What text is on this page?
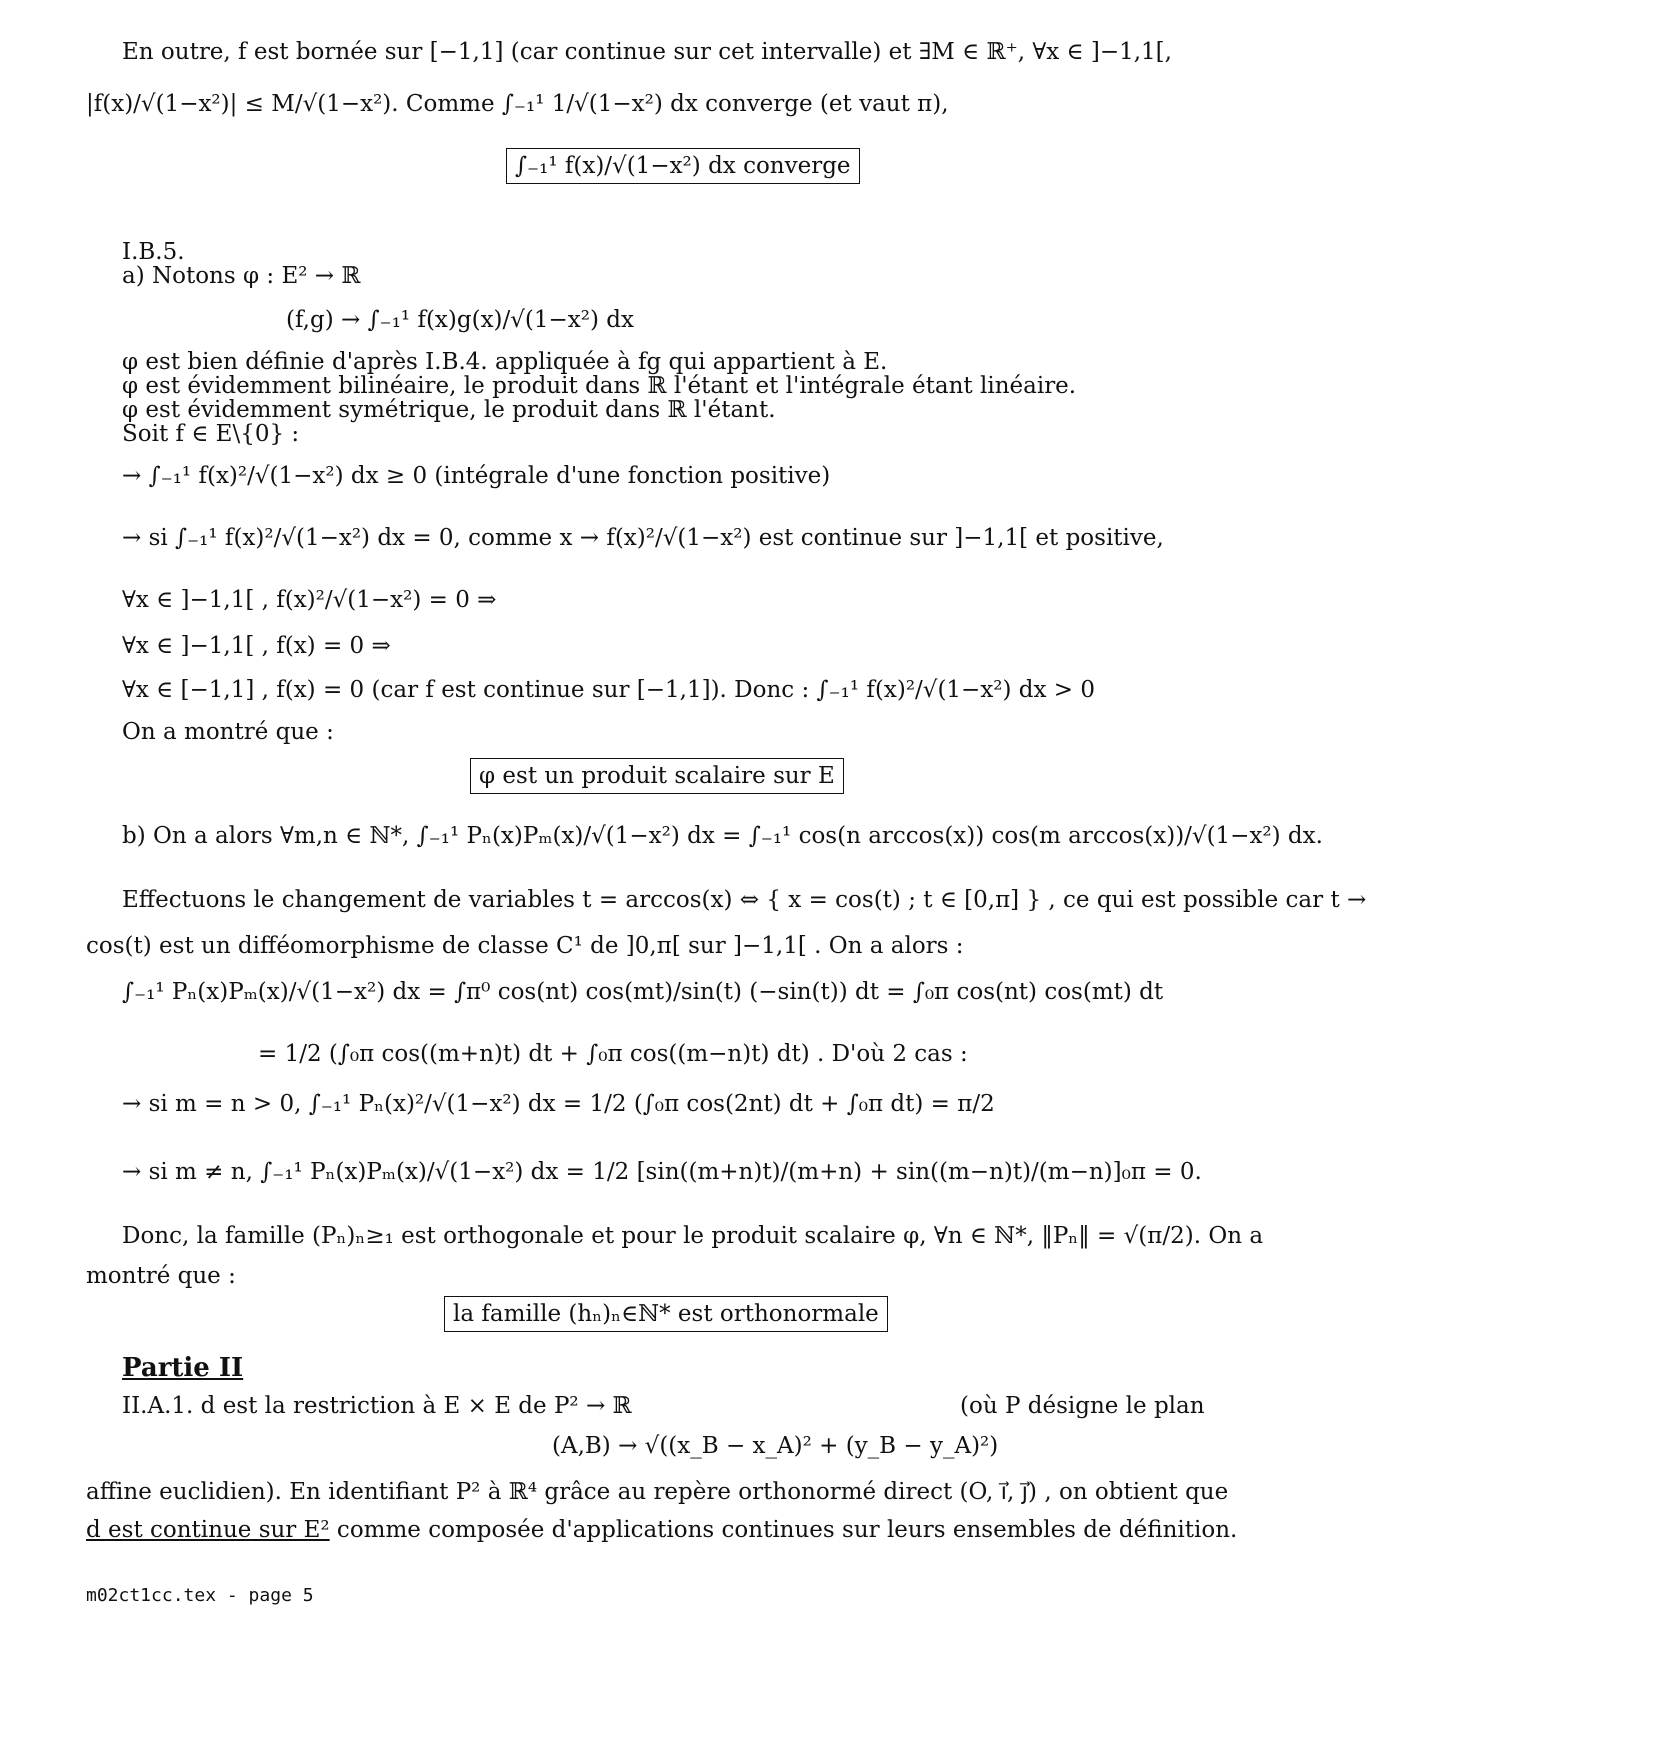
En outre, f est bornée sur [−1,1] (car continue sur cet intervalle) et ∃M ∈ ℝ⁺, ∀x ∈ ]−1,1[,
|f(x)/√(1−x²)| ≤ M/√(1−x²). Comme ∫₋₁¹ 1/√(1−x²) dx converge (et vaut π),
∫₋₁¹ f(x)/√(1−x²) dx converge
I.B.5.
a) Notons φ : E² → ℝ
(f,g) → ∫₋₁¹ f(x)g(x)/√(1−x²) dx
φ est bien définie d'après I.B.4. appliquée à fg qui appartient à E.
φ est évidemment bilinéaire, le produit dans ℝ l'étant et l'intégrale étant linéaire.
φ est évidemment symétrique, le produit dans ℝ l'étant.
Soit f ∈ E\{0} :
→ ∫₋₁¹ f(x)²/√(1−x²) dx ≥ 0 (intégrale d'une fonction positive)
→ si ∫₋₁¹ f(x)²/√(1−x²) dx = 0, comme x → f(x)²/√(1−x²) est continue sur ]−1,1[ et positive,
∀x ∈ ]−1,1[ , f(x)²/√(1−x²) = 0 ⇒
∀x ∈ ]−1,1[ , f(x) = 0 ⇒
∀x ∈ [−1,1] , f(x) = 0 (car f est continue sur [−1,1]). Donc : ∫₋₁¹ f(x)²/√(1−x²) dx > 0
On a montré que :
φ est un produit scalaire sur E
b) On a alors ∀m,n ∈ ℕ*, ∫₋₁¹ Pₙ(x)Pₘ(x)/√(1−x²) dx = ∫₋₁¹ cos(n arccos(x)) cos(m arccos(x))/√(1−x²) dx.
Effectuons le changement de variables t = arccos(x) ⇔ { x = cos(t) ; t ∈ [0,π] } , ce qui est possible car t →
cos(t) est un difféomorphisme de classe C¹ de ]0,π[ sur ]−1,1[ . On a alors :
∫₋₁¹ Pₙ(x)Pₘ(x)/√(1−x²) dx = ∫π⁰ cos(nt) cos(mt)/sin(t) (−sin(t)) dt = ∫₀π cos(nt) cos(mt) dt
= 1/2 (∫₀π cos((m+n)t) dt + ∫₀π cos((m−n)t) dt) . D'où 2 cas :
→ si m = n > 0, ∫₋₁¹ Pₙ(x)²/√(1−x²) dx = 1/2 (∫₀π cos(2nt) dt + ∫₀π dt) = π/2
→ si m ≠ n, ∫₋₁¹ Pₙ(x)Pₘ(x)/√(1−x²) dx = 1/2 [sin((m+n)t)/(m+n) + sin((m−n)t)/(m−n)]₀π = 0.
Donc, la famille (Pₙ)ₙ≥₁ est orthogonale et pour le produit scalaire φ, ∀n ∈ ℕ*, ‖Pₙ‖ = √(π/2). On a
montré que :
la famille (hₙ)ₙ∈ℕ* est orthonormale
Partie II
II.A.1. d est la restriction à E × E de P² → ℝ	(où P désigne le plan
(A,B) → √((x_B − x_A)² + (y_B − y_A)²)
affine euclidien). En identifiant P² à ℝ⁴ grâce au repère orthonormé direct (O, i⃗, j⃗) , on obtient que
d est continue sur E² comme composée d'applications continues sur leurs ensembles de définition.
m02ct1cc.tex - page 5
